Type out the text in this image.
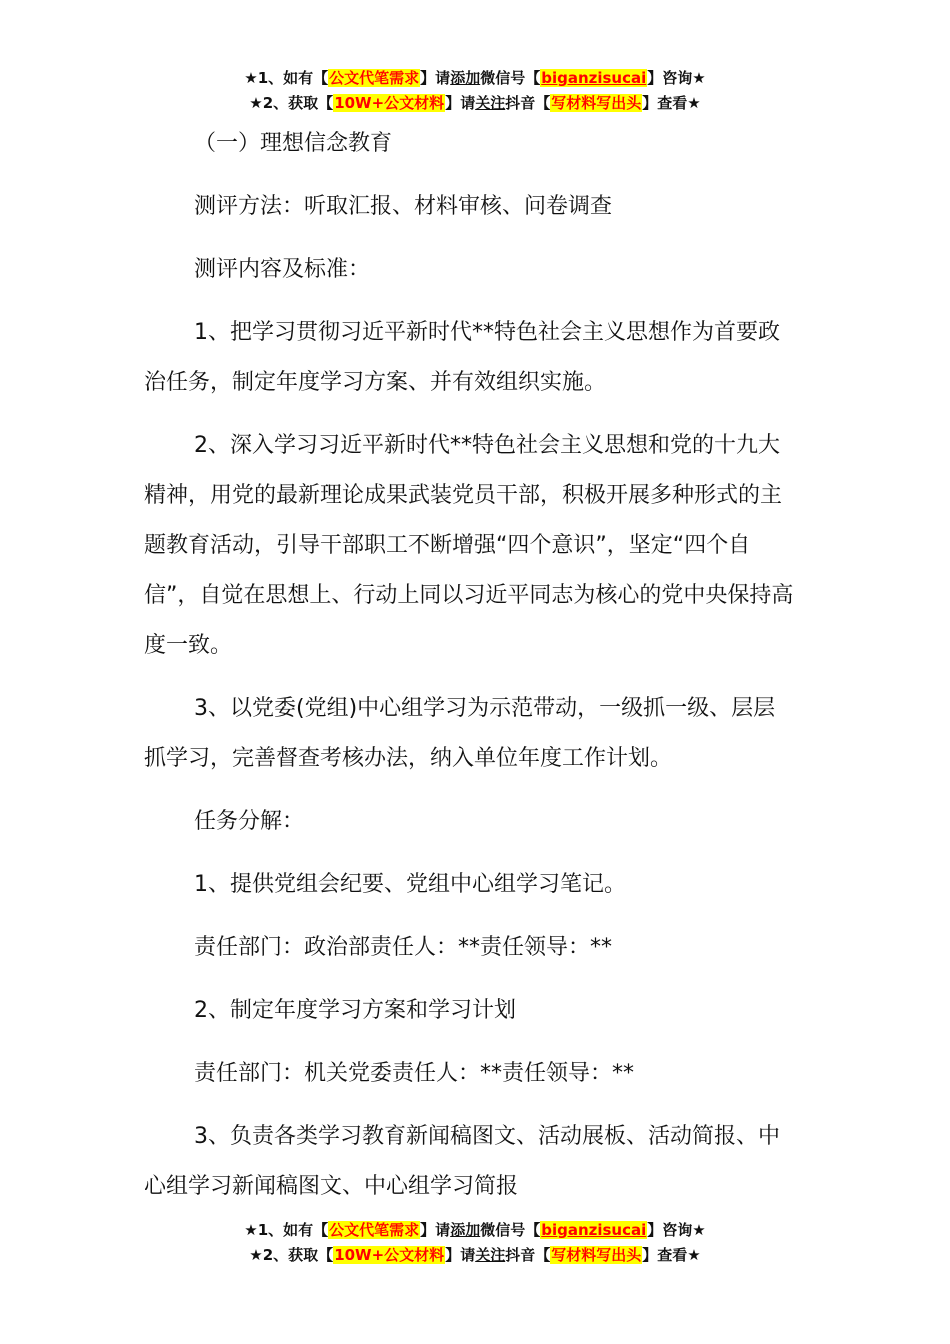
★1、如有【公文代笔需求】请添加微信号【biganzisucai】咨询★
★2、获取【10W+公文材料】请关注抖音【写材料写出头】查看★

（一）理想信念教育

测评方法：听取汇报、材料审核、问卷调查

测评内容及标准：

1、把学习贯彻习近平新时代**特色社会主义思想作为首要政治任务，制定年度学习方案、并有效组织实施。

2、深入学习习近平新时代**特色社会主义思想和党的十九大精神，用党的最新理论成果武装党员干部，积极开展多种形式的主题教育活动，引导干部职工不断增强“四个意识”，坚定“四个自信”，自觉在思想上、行动上同以习近平同志为核心的党中央保持高度一致。

3、以党委(党组)中心组学习为示范带动，一级抓一级、层层抓学习，完善督查考核办法，纳入单位年度工作计划。

任务分解：

1、提供党组会纪要、党组中心组学习笔记。

责任部门：政治部责任人：**责任领导：**

2、制定年度学习方案和学习计划

责任部门：机关党委责任人：**责任领导：**

3、负责各类学习教育新闻稿图文、活动展板、活动简报、中心组学习新闻稿图文、中心组学习简报

★1、如有【公文代笔需求】请添加微信号【biganzisucai】咨询★
★2、获取【10W+公文材料】请关注抖音【写材料写出头】查看★
